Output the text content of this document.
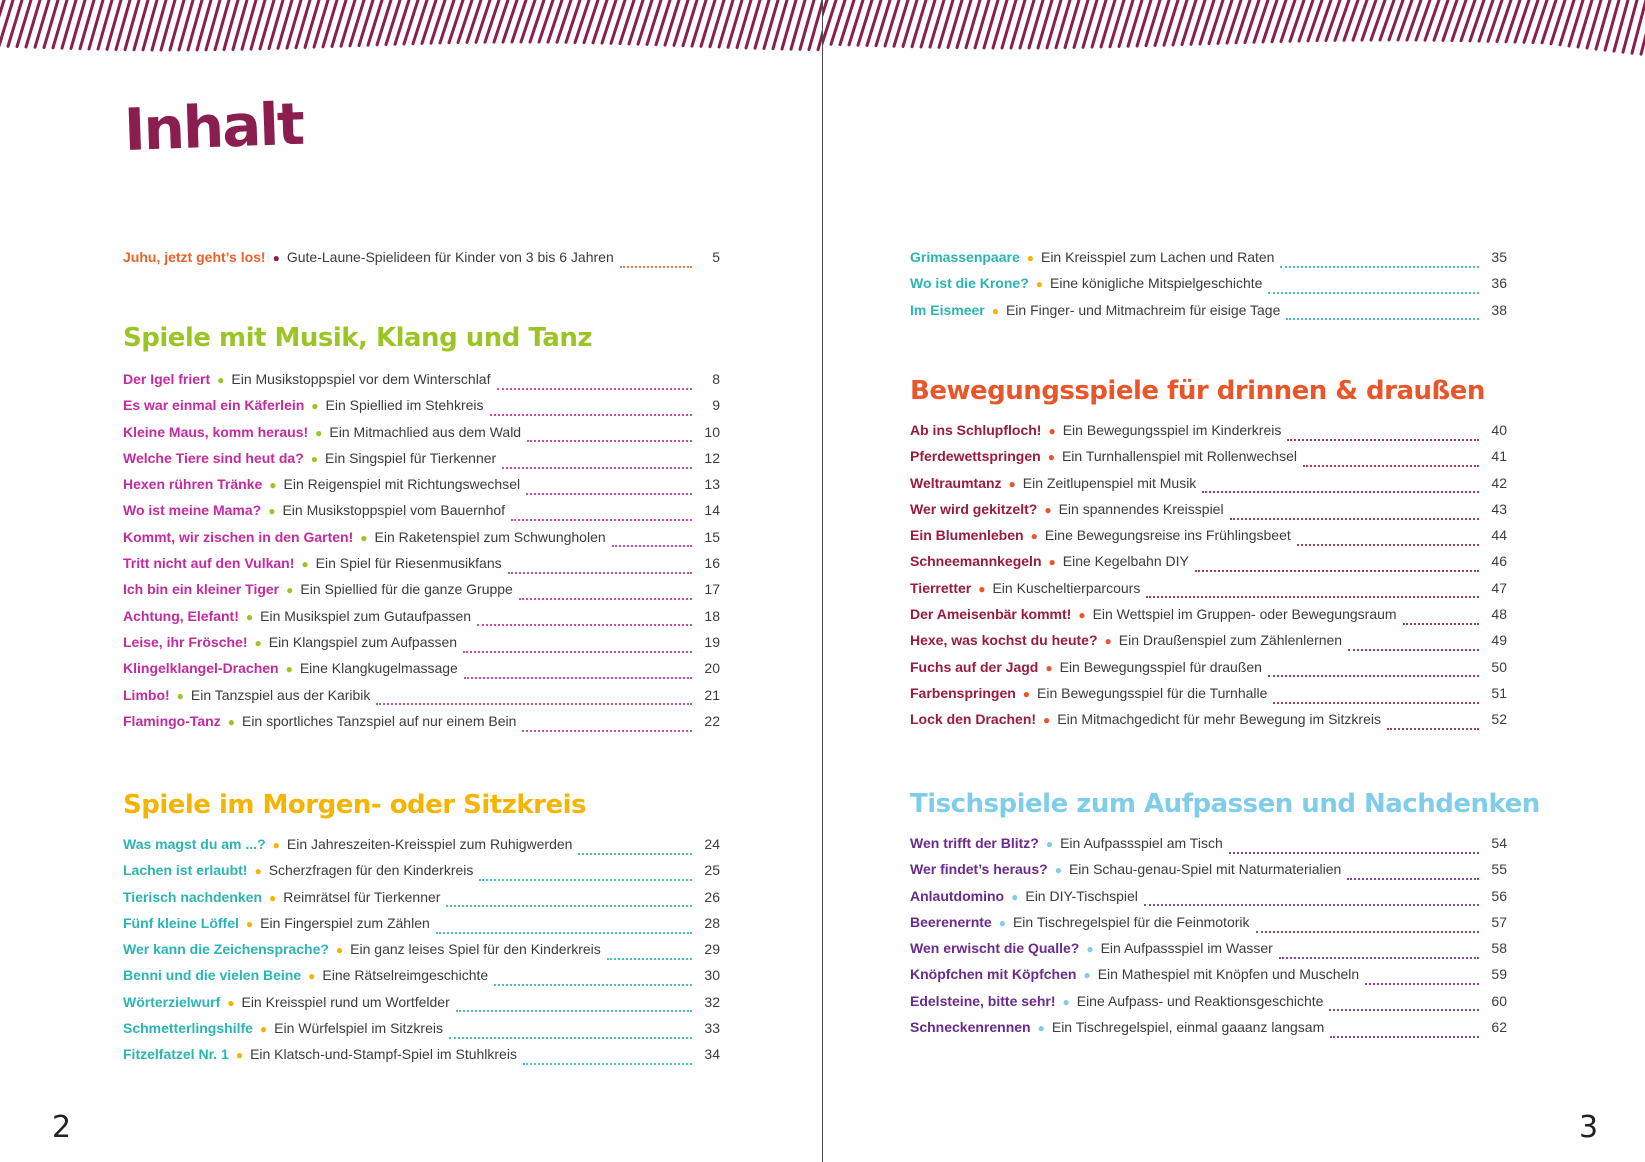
Inhalt
Juhu, jetzt geht’s los! ● Gute-Laune-Spielideen für Kinder von 3 bis 6 Jahren	5
Spiele mit Musik, Klang und Tanz
Der Igel friert ● Ein Musikstoppspiel vor dem Winterschlaf	8
Es war einmal ein Käferlein ● Ein Spiellied im Stehkreis	9
Kleine Maus, komm heraus! ● Ein Mitmachlied aus dem Wald	10
Welche Tiere sind heut da? ● Ein Singspiel für Tierkenner	12
Hexen rühren Tränke ● Ein Reigenspiel mit Richtungswechsel	13
Wo ist meine Mama? ● Ein Musikstoppspiel vom Bauernhof	14
Kommt, wir zischen in den Garten! ● Ein Raketenspiel zum Schwungholen	15
Tritt nicht auf den Vulkan! ● Ein Spiel für Riesenmusikfans	16
Ich bin ein kleiner Tiger ● Ein Spiellied für die ganze Gruppe	17
Achtung, Elefant! ● Ein Musikspiel zum Gutaufpassen	18
Leise, ihr Frösche! ● Ein Klangspiel zum Aufpassen	19
Klingelklangel-Drachen ● Eine Klangkugelmassage	20
Limbo! ● Ein Tanzspiel aus der Karibik	21
Flamingo-Tanz ● Ein sportliches Tanzspiel auf nur einem Bein	22
Spiele im Morgen- oder Sitzkreis
Was magst du am ...? ● Ein Jahreszeiten-Kreisspiel zum Ruhigwerden	24
Lachen ist erlaubt! ● Scherzfragen für den Kinderkreis	25
Tierisch nachdenken ● Reimrätsel für Tierkenner	26
Fünf kleine Löffel ● Ein Fingerspiel zum Zählen	28
Wer kann die Zeichensprache? ● Ein ganz leises Spiel für den Kinderkreis	29
Benni und die vielen Beine ● Eine Rätselreimgeschichte	30
Wörterzielwurf ● Ein Kreisspiel rund um Wortfelder	32
Schmetterlingshilfe ● Ein Würfelspiel im Sitzkreis	33
Fitzelfatzel Nr. 1 ● Ein Klatsch-und-Stampf-Spiel im Stuhlkreis	34
2
Grimassenpaare ● Ein Kreisspiel zum Lachen und Raten	35
Wo ist die Krone? ● Eine königliche Mitspielgeschichte	36
Im Eismeer ● Ein Finger- und Mitmachreim für eisige Tage	38
Bewegungsspiele für drinnen & draußen
Ab ins Schlupfloch! ● Ein Bewegungsspiel im Kinderkreis	40
Pferdewettspringen ● Ein Turnhallenspiel mit Rollenwechsel	41
Weltraumtanz ● Ein Zeitlupenspiel mit Musik	42
Wer wird gekitzelt? ● Ein spannendes Kreisspiel	43
Ein Blumenleben ● Eine Bewegungsreise ins Frühlingsbeet	44
Schneemannkegeln ● Eine Kegelbahn DIY	46
Tierretter ● Ein Kuscheltierparcours	47
Der Ameisenbär kommt! ● Ein Wettspiel im Gruppen- oder Bewegungsraum	48
Hexe, was kochst du heute? ● Ein Draußenspiel zum Zählenlernen	49
Fuchs auf der Jagd ● Ein Bewegungsspiel für draußen	50
Farbenspringen ● Ein Bewegungsspiel für die Turnhalle	51
Lock den Drachen! ● Ein Mitmachgedicht für mehr Bewegung im Sitzkreis	52
Tischspiele zum Aufpassen und Nachdenken
Wen trifft der Blitz? ● Ein Aufpassspiel am Tisch	54
Wer findet’s heraus? ● Ein Schau-genau-Spiel mit Naturmaterialien	55
Anlautdomino ● Ein DIY-Tischspiel	56
Beerenernte ● Ein Tischregelspiel für die Feinmotorik	57
Wen erwischt die Qualle? ● Ein Aufpassspiel im Wasser	58
Knöpfchen mit Köpfchen ● Ein Mathespiel mit Knöpfen und Muscheln	59
Edelsteine, bitte sehr! ● Eine Aufpass- und Reaktionsgeschichte	60
Schneckenrennen ● Ein Tischregelspiel, einmal gaaanz langsam	62
3
